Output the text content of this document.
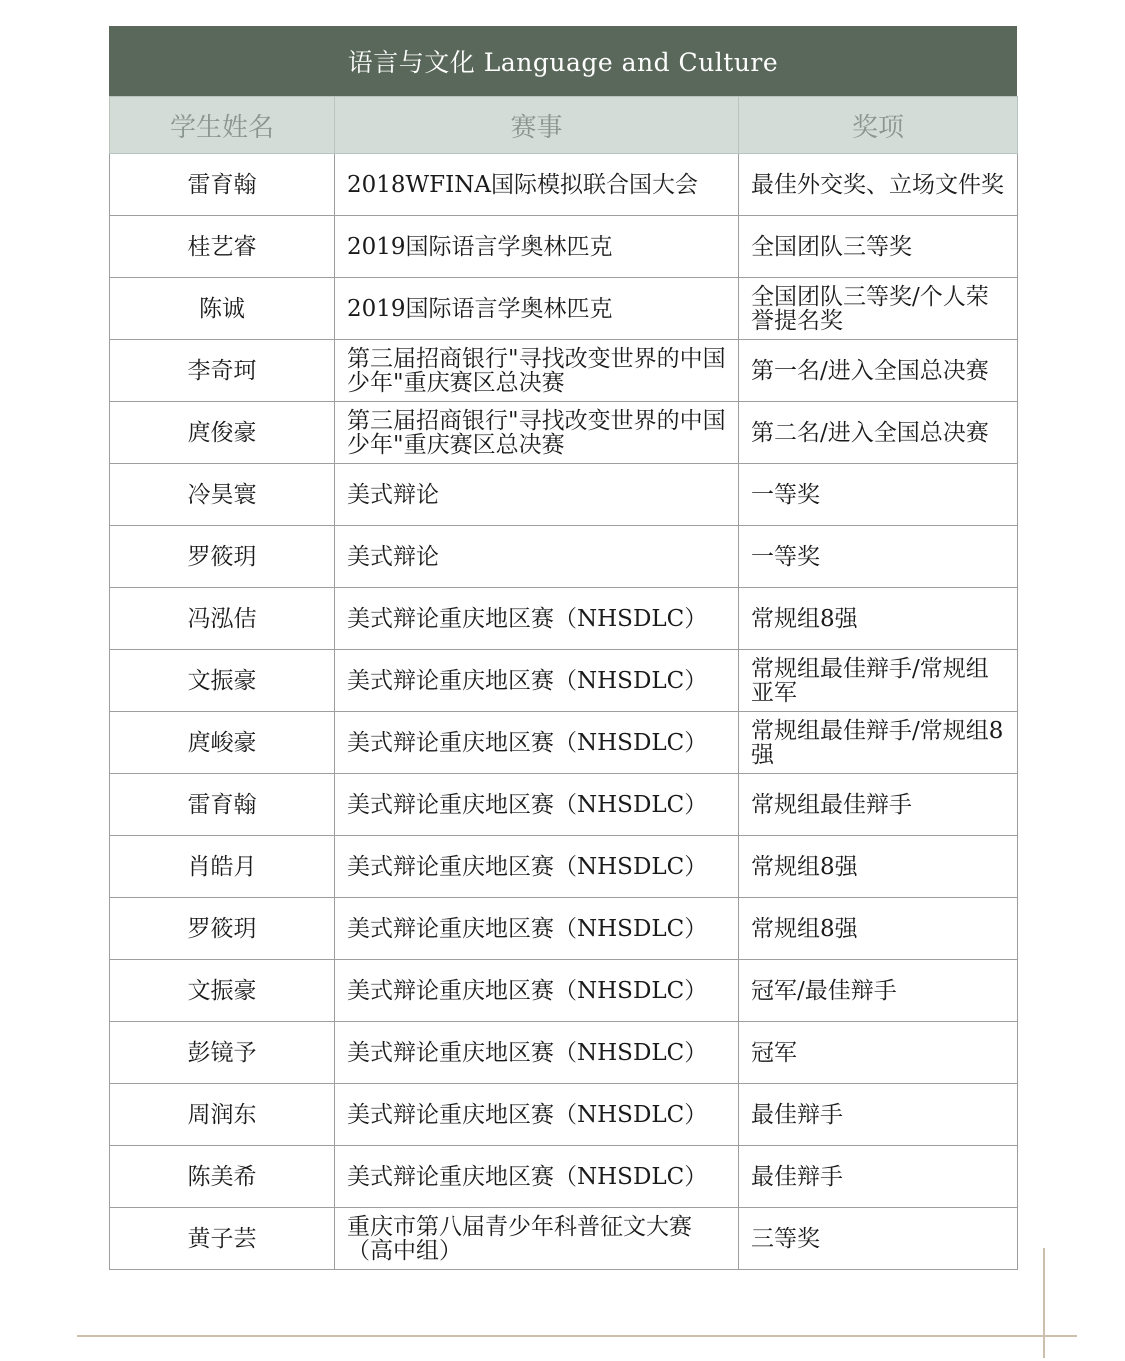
语言与文化 Language and Culture
学生姓名	赛事	奖项
雷育翰	2018WFINA国际模拟联合国大会	最佳外交奖、立场文件奖
桂艺睿	2019国际语言学奥林匹克	全国团队三等奖
陈诚	2019国际语言学奥林匹克	全国团队三等奖/个人荣誉提名奖
李奇珂	第三届招商银行"寻找改变世界的中国少年"重庆赛区总决赛	第一名/进入全国总决赛
庹俊豪	第三届招商银行"寻找改变世界的中国少年"重庆赛区总决赛	第二名/进入全国总决赛
冷昊寰	美式辩论	一等奖
罗筱玥	美式辩论	一等奖
冯泓佶	美式辩论重庆地区赛（NHSDLC）	常规组8强
文振豪	美式辩论重庆地区赛（NHSDLC）	常规组最佳辩手/常规组亚军
庹峻豪	美式辩论重庆地区赛（NHSDLC）	常规组最佳辩手/常规组8强
雷育翰	美式辩论重庆地区赛（NHSDLC）	常规组最佳辩手
肖皓月	美式辩论重庆地区赛（NHSDLC）	常规组8强
罗筱玥	美式辩论重庆地区赛（NHSDLC）	常规组8强
文振豪	美式辩论重庆地区赛（NHSDLC）	冠军/最佳辩手
彭镜予	美式辩论重庆地区赛（NHSDLC）	冠军
周润东	美式辩论重庆地区赛（NHSDLC）	最佳辩手
陈美希	美式辩论重庆地区赛（NHSDLC）	最佳辩手
黄子芸	重庆市第八届青少年科普征文大赛（高中组）	三等奖
